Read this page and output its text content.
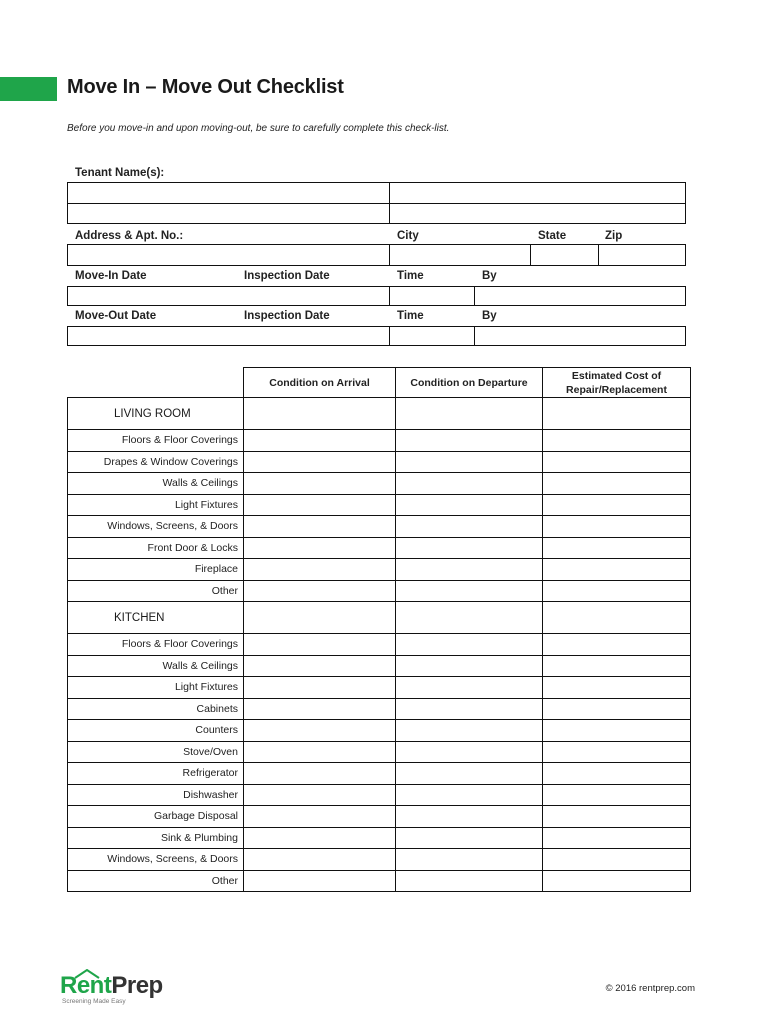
Move In – Move Out Checklist
Before you move-in and upon moving-out, be sure to carefully complete this check-list.
Tenant Name(s):
Address & Apt. No.:	City	State	Zip
Move-In Date	Inspection Date	Time	By
Move-Out Date	Inspection Date	Time	By
	Condition on Arrival	Condition on Departure	Estimated Cost of Repair/Replacement
LIVING ROOM			
Floors & Floor Coverings			
Drapes & Window Coverings			
Walls & Ceilings			
Light Fixtures			
Windows, Screens, & Doors			
Front Door & Locks			
Fireplace			
Other			
KITCHEN			
Floors & Floor Coverings			
Walls & Ceilings			
Light Fixtures			
Cabinets			
Counters			
Stove/Oven			
Refrigerator			
Dishwasher			
Garbage Disposal			
Sink & Plumbing			
Windows, Screens, & Doors			
Other			
RentPrep
Screening Made Easy
© 2016 rentprep.com
